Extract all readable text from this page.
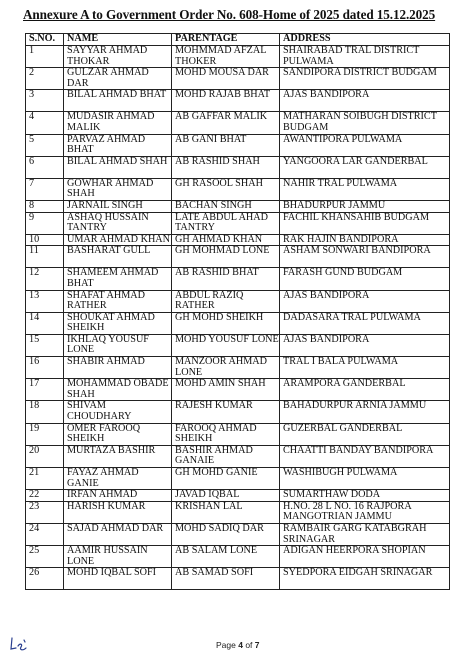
Annexure A to Government Order No. 608-Home of 2025 dated 15.12.2025
S.NO.	NAME	PARENTAGE	ADDRESS
1	SAYYAR AHMAD THOKAR	MOHMMAD AFZAL THOKER	SHAIRABAD TRAL DISTRICT PULWAMA
2	GULZAR AHMAD DAR	MOHD MOUSA DAR	SANDIPORA DISTRICT BUDGAM
3	BILAL AHMAD BHAT	MOHD RAJAB BHAT	AJAS BANDIPORA
4	MUDASIR AHMAD MALIK	AB GAFFAR MALIK	MATHARAN SOIBUGH DISTRICT BUDGAM
5	PARVAZ AHMAD BHAT	AB GANI BHAT	AWANTIPORA PULWAMA
6	BILAL AHMAD SHAH	AB RASHID SHAH	YANGOORA LAR GANDERBAL
7	GOWHAR AHMAD SHAH	GH RASOOL SHAH	NAHIR TRAL PULWAMA
8	JARNAIL SINGH	BACHAN SINGH	BHADURPUR JAMMU
9	ASHAQ HUSSAIN TANTRY	LATE ABDUL AHAD TANTRY	FACHIL KHANSAHIB BUDGAM
10	UMAR AHMAD KHAN	GH AHMAD KHAN	RAK HAJIN BANDIPORA
11	BASHARAT GULL	GH MOHMAD LONE	ASHAM SONWARI BANDIPORA
12	SHAMEEM AHMAD BHAT	AB RASHID BHAT	FARASH GUND BUDGAM
13	SHAFAT AHMAD RATHER	ABDUL RAZIQ RATHER	AJAS BANDIPORA
14	SHOUKAT AHMAD SHEIKH	GH MOHD SHEIKH	DADASARA TRAL PULWAMA
15	IKHLAQ YOUSUF LONE	MOHD YOUSUF LONE	AJAS BANDIPORA
16	SHABIR AHMAD	MANZOOR AHMAD LONE	TRAL I BALA PULWAMA
17	MOHAMMAD OBADE SHAH	MOHD AMIN SHAH	ARAMPORA GANDERBAL
18	SHIVAM CHOUDHARY	RAJESH KUMAR	BAHADURPUR ARNIA JAMMU
19	OMER FAROOQ SHEIKH	FAROOQ AHMAD SHEIKH	GUZERBAL GANDERBAL
20	MURTAZA BASHIR	BASHIR AHMAD GANAIE	CHAATTI BANDAY BANDIPORA
21	FAYAZ AHMAD GANIE	GH MOHD GANIE	WASHIBUGH PULWAMA
22	IRFAN AHMAD	JAVAD IQBAL	SUMARTHAW DODA
23	HARISH KUMAR	KRISHAN LAL	H.NO. 28 L NO. 16 RAJPORA MANGOTRIAN JAMMU
24	SAJAD AHMAD DAR	MOHD SADIQ DAR	RAMBAIR GARG KATABGRAH SRINAGAR
25	AAMIR HUSSAIN LONE	AB SALAM LONE	ADIGAN HEERPORA SHOPIAN
26	MOHD IQBAL SOFI	AB SAMAD SOFI	SYEDPORA EIDGAH SRINAGAR
Page 4 of 7
